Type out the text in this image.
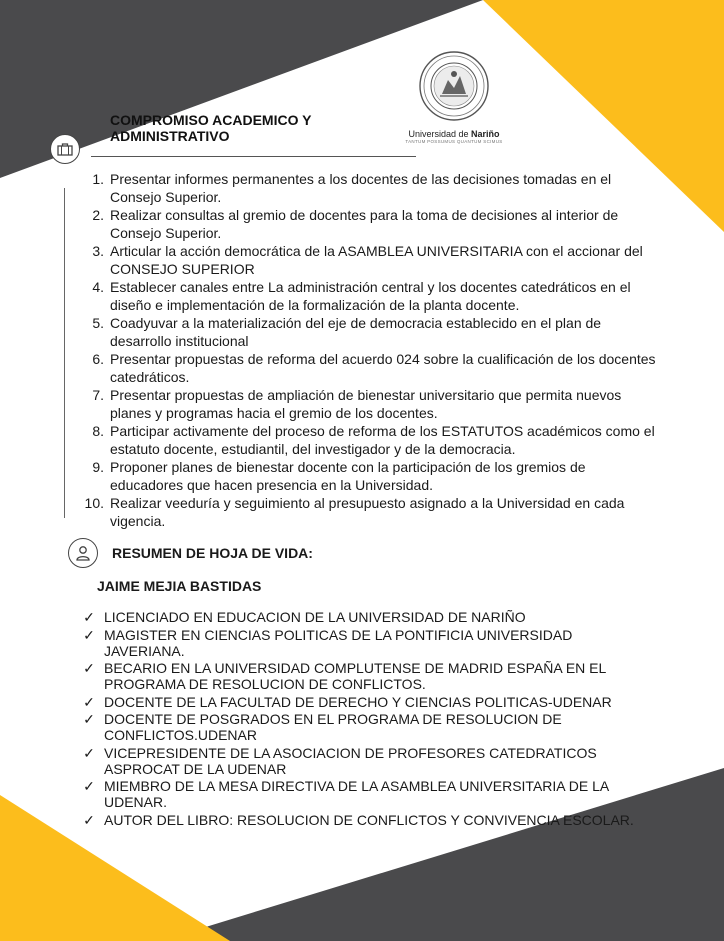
COMPROMISO ACADEMICO Y ADMINISTRATIVO	Universidad de Nariño
TANTUM POSSUMUS QUANTUM SCIMUS
1. Presentar informes permanentes a los docentes de las decisiones tomadas en el Consejo Superior.
2. Realizar consultas al gremio de docentes para la toma de decisiones al interior de Consejo Superior.
3. Articular la acción democrática de la ASAMBLEA UNIVERSITARIA con el accionar del CONSEJO SUPERIOR
4. Establecer canales entre La administración central y los docentes catedráticos en el diseño e implementación de la formalización de la planta docente.
5. Coadyuvar a la materialización del eje de democracia establecido en el plan de desarrollo institucional
6. Presentar propuestas de reforma del acuerdo 024 sobre la cualificación de los docentes catedráticos.
7. Presentar propuestas de ampliación de bienestar universitario que permita nuevos planes y programas hacia el gremio de los docentes.
8. Participar activamente del proceso de reforma de los ESTATUTOS académicos como el estatuto docente, estudiantil, del investigador y de la democracia.
9. Proponer planes de bienestar docente con la participación de los gremios de educadores que hacen presencia en la Universidad.
10. Realizar veeduría y seguimiento al presupuesto asignado a la Universidad en cada vigencia.
RESUMEN DE HOJA DE VIDA:
JAIME MEJIA BASTIDAS
✓ LICENCIADO EN EDUCACION DE LA UNIVERSIDAD DE NARIÑO
✓ MAGISTER EN CIENCIAS POLITICAS DE LA PONTIFICIA UNIVERSIDAD JAVERIANA.
✓ BECARIO EN LA UNIVERSIDAD COMPLUTENSE DE MADRID ESPAÑA EN EL PROGRAMA DE RESOLUCION DE CONFLICTOS.
✓ DOCENTE DE LA FACULTAD DE DERECHO Y CIENCIAS POLITICAS-UDENAR
✓ DOCENTE DE POSGRADOS EN EL PROGRAMA DE RESOLUCION DE CONFLICTOS.UDENAR
✓ VICEPRESIDENTE DE LA ASOCIACION DE PROFESORES CATEDRATICOS ASPROCAT DE LA UDENAR
✓ MIEMBRO DE LA MESA DIRECTIVA DE LA ASAMBLEA UNIVERSITARIA DE LA UDENAR.
✓ AUTOR DEL LIBRO: RESOLUCION DE CONFLICTOS Y CONVIVENCIA ESCOLAR.
